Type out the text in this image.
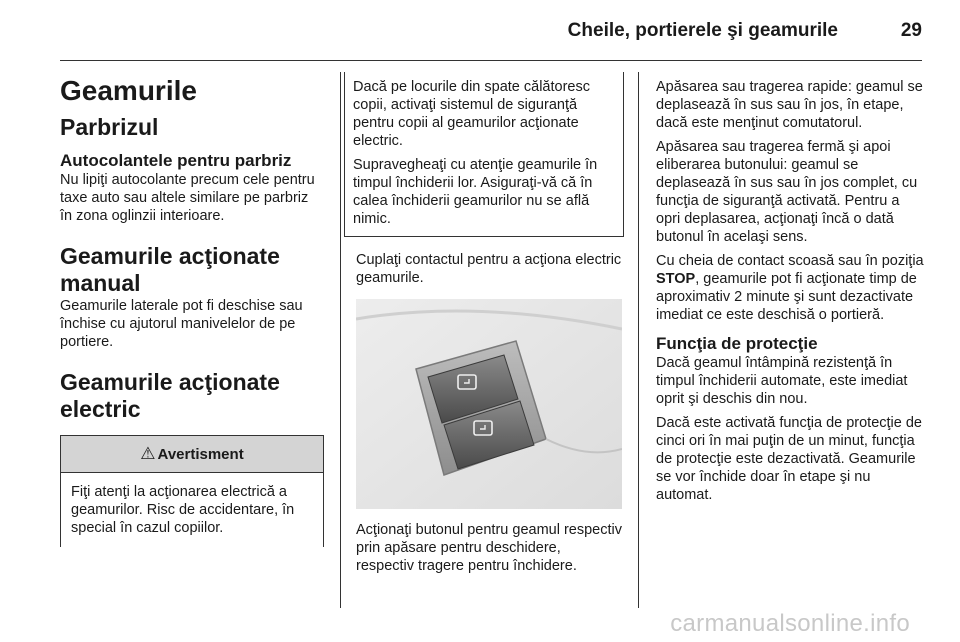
Cheile, portierele şi geamurile	29
Geamurile
Parbrizul
Autocolantele pentru parbriz
Nu lipiţi autocolante precum cele pentru taxe auto sau altele similare pe parbriz în zona oglinzii interioare.
Geamurile acţionate manual
Geamurile laterale pot fi deschise sau închise cu ajutorul manivelelor de pe portiere.
Geamurile acţionate electric
⚠ Avertisment
Fiţi atenţi la acţionarea electrică a geamurilor. Risc de accidentare, în special în cazul copiilor.
Dacă pe locurile din spate călătoresc copii, activaţi sistemul de siguranţă pentru copii al geamurilor acţionate electric.
Supravegheaţi cu atenţie geamurile în timpul închiderii lor. Asiguraţi-vă că în calea închiderii geamurilor nu se află nimic.
Cuplaţi contactul pentru a acţiona electric geamurile.
Acţionaţi butonul pentru geamul respectiv prin apăsare pentru deschidere, respectiv tragere pentru închidere.
Apăsarea sau tragerea rapide: geamul se deplasează în sus sau în jos, în etape, dacă este menţinut comutatorul.
Apăsarea sau tragerea fermă şi apoi eliberarea butonului: geamul se deplasează în sus sau în jos complet, cu funcţia de siguranţă activată. Pentru a opri deplasarea, acţionaţi încă o dată butonul în acelaşi sens.
Cu cheia de contact scoasă sau în poziţia STOP, geamurile pot fi acţionate timp de aproximativ 2 minute şi sunt dezactivate imediat ce este deschisă o portieră.
Funcţia de protecţie
Dacă geamul întâmpină rezistenţă în timpul închiderii automate, este imediat oprit şi deschis din nou.
Dacă este activată funcţia de protecţie de cinci ori în mai puţin de un minut, funcţia de protecţie este dezactivată. Geamurile se vor închide doar în etape şi nu automat.
carmanualsonline.info
